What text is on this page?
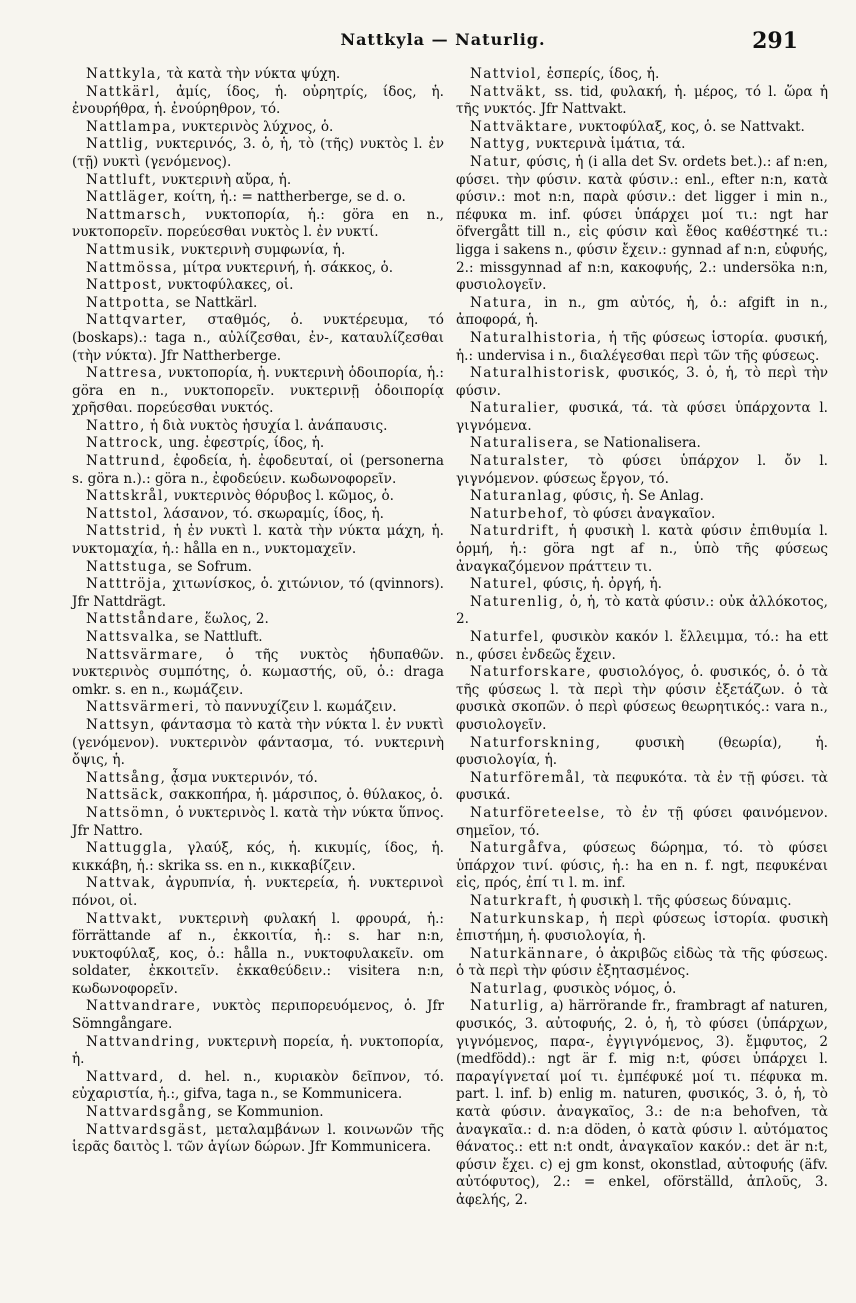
Nattkyla — Naturlig.	291

Nattkyla, τὰ κατὰ τὴν νύκτα ψύχη.

Nattkärl, ἀμίς, ίδος, ἡ. οὐρητρίς, ίδος, ἡ. ἐνουρήθρα, ἡ. ἐνούρηθρον, τό.

Nattlampa, νυκτερινὸς λύχνος, ὁ.

Nattlig, νυκτερινός, 3. ὁ, ἡ, τὸ (τῆς) νυκτὸς l. ἐν (τῇ) νυκτὶ (γενόμενος).

Nattluft, νυκτερινὴ αὔρα, ἡ.

Nattläger, κοίτη, ἡ.: = nattherberge, se d. o.

Nattmarsch, νυκτοπορία, ἡ.: göra en n., νυκτοπορεῖν. πορεύεσθαι νυκτὸς l. ἐν νυκτί.

Nattmusik, νυκτερινὴ συμφωνία, ἡ.

Nattmössa, μίτρα νυκτερινή, ἡ. σάκκος, ὁ.

Nattpost, νυκτοφύλακες, οἱ.

Nattpotta, se Nattkärl.

Nattqvarter, σταθμός, ὁ. νυκτέρευμα, τό (boskaps).: taga n., αὐλίζεσθαι, ἐν-, καταυλίζεσθαι (τὴν νύκτα). Jfr Nattherberge.

Nattresa, νυκτοπορία, ἡ. νυκτερινὴ ὁδοιπορία, ἡ.: göra en n., νυκτοπορεῖν. νυκτερινῇ ὁδοιπορίᾳ χρῆσθαι. πορεύεσθαι νυκτός.

Nattro, ἡ διὰ νυκτὸς ἡσυχία l. ἀνάπαυσις.

Nattrock, ung. ἐφεστρίς, ίδος, ἡ.

Nattrund, ἐφοδεία, ἡ. ἐφοδευταί, οἱ (personerna s. göra n.).: göra n., ἐφοδεύειν. κωδωνοφορεῖν.

Nattskrål, νυκτερινὸς θόρυβος l. κῶμος, ὁ.

Nattstol, λάσανον, τό. σκωραμίς, ίδος, ἡ.

Nattstrid, ἡ ἐν νυκτὶ l. κατὰ τὴν νύκτα μάχη, ἡ. νυκτομαχία, ἡ.: hålla en n., νυκτομαχεῖν.

Nattstuga, se Sofrum.

Natttröja, χιτωνίσκος, ὁ. χιτώνιον, τό (qvinnors). Jfr Nattdrägt.

Nattståndare, ἕωλος, 2.

Nattsvalka, se Nattluft.

Nattsvärmare, ὁ τῆς νυκτὸς ἡδυπαθῶν. νυκτερινὸς συμπότης, ὁ. κωμαστής, οῦ, ὁ.: draga omkr. s. en n., κωμάζειν.

Nattsvärmeri, τὸ παννυχίζειν l. κωμάζειν.

Nattsyn, φάντασμα τὸ κατὰ τὴν νύκτα l. ἐν νυκτὶ (γενόμενον). νυκτερινὸν φάντασμα, τό. νυκτερινὴ ὄψις, ἡ.

Nattsång, ᾆσμα νυκτερινόν, τό.

Nattsäck, σακκοπήρα, ἡ. μάρσιπος, ὁ. θύλακος, ὁ.

Nattsömn, ὁ νυκτερινὸς l. κατὰ τὴν νύκτα ὕπνος. Jfr Nattro.

Nattuggla, γλαύξ, κός, ἡ. κικυμίς, ίδος, ἡ. κικκάβη, ἡ.: skrika ss. en n., κικκαβίζειν.

Nattvak, ἀγρυπνία, ἡ. νυκτερεία, ἡ. νυκτερινοὶ πόνοι, οἱ.

Nattvakt, νυκτερινὴ φυλακή l. φρουρά, ἡ.: förrättande af n., ἐκκοιτία, ἡ.: s. har n:n, νυκτοφύλαξ, κος, ὁ.: hålla n., νυκτοφυλακεῖν. om soldater, ἐκκοιτεῖν. ἐκκαθεύδειν.: visitera n:n, κωδωνοφορεῖν.

Nattvandrare, νυκτὸς περιπορευόμενος, ὁ. Jfr Sömngångare.

Nattvandring, νυκτερινὴ πορεία, ἡ. νυκτοπορία, ἡ.

Nattvard, d. hel. n., κυριακὸν δεῖπνον, τό. εὐχαριστία, ἡ.:, gifva, taga n., se Kommunicera.

Nattvardsgång, se Kommunion.

Nattvardsgäst, μεταλαμβάνων l. κοινωνῶν τῆς ἱερᾶς δαιτὸς l. τῶν ἁγίων δώρων. Jfr Kommunicera.

Nattviol, ἑσπερίς, ίδος, ἡ.

Nattväkt, ss. tid, φυλακή, ἡ. μέρος, τό l. ὥρα ἡ τῆς νυκτός. Jfr Nattvakt.

Nattväktare, νυκτοφύλαξ, κος, ὁ. se Nattvakt.

Nattyg, νυκτερινὰ ἱμάτια, τά.

Natur, φύσις, ἡ (i alla det Sv. ordets bet.).: af n:en, φύσει. τὴν φύσιν. κατὰ φύσιν.: enl., efter n:n, κατὰ φύσιν.: mot n:n, παρὰ φύσιν.: det ligger i min n., πέφυκα m. inf. φύσει ὑπάρχει μοί τι.: ngt har öfvergått till n., εἰς φύσιν καὶ ἔθος καθέστηκέ τι.: ligga i sakens n., φύσιν ἔχειν.: gynnad af n:n, εὐφυής, 2.: missgynnad af n:n, κακοφυής, 2.: undersöka n:n, φυσιολογεῖν.

Natura, in n., gm αὐτός, ἡ, ὁ.: afgift in n., ἀποφορά, ἡ.

Naturalhistoria, ἡ τῆς φύσεως ἱστορία. φυσική, ἡ.: undervisa i n., διαλέγεσθαι περὶ τῶν τῆς φύσεως.

Naturalhistorisk, φυσικός, 3. ὁ, ἡ, τὸ περὶ τὴν φύσιν.

Naturalier, φυσικά, τά. τὰ φύσει ὑπάρχοντα l. γιγνόμενα.

Naturalisera, se Nationalisera.

Naturalster, τὸ φύσει ὑπάρχον l. ὄν l. γιγνόμενον. φύσεως ἔργον, τό.

Naturanlag, φύσις, ἡ. Se Anlag.

Naturbehof, τὸ φύσει ἀναγκαῖον.

Naturdrift, ἡ φυσικὴ l. κατὰ φύσιν ἐπιθυμία l. ὁρμή, ἡ.: göra ngt af n., ὑπὸ τῆς φύσεως ἀναγκαζόμενον πράττειν τι.

Naturel, φύσις, ἡ. ὀργή, ἡ.

Naturenlig, ὁ, ἡ, τὸ κατὰ φύσιν.: οὐκ ἀλλόκοτος, 2.

Naturfel, φυσικὸν κακόν l. ἔλλειμμα, τό.: ha ett n., φύσει ἐνδεῶς ἔχειν.

Naturforskare, φυσιολόγος, ὁ. φυσικός, ὁ. ὁ τὰ τῆς φύσεως l. τὰ περὶ τὴν φύσιν ἐξετάζων. ὁ τὰ φυσικὰ σκοπῶν. ὁ περὶ φύσεως θεωρητικός.: vara n., φυσιολογεῖν.

Naturforskning, φυσικὴ (θεωρία), ἡ. φυσιολογία, ἡ.

Naturföremål, τὰ πεφυκότα. τὰ ἐν τῇ φύσει. τὰ φυσικά.

Naturföreteelse, τὸ ἐν τῇ φύσει φαινόμενον. σημεῖον, τό.

Naturgåfva, φύσεως δώρημα, τό. τὸ φύσει ὑπάρχον τινί. φύσις, ἡ.: ha en n. f. ngt, πεφυκέναι εἰς, πρός, ἐπί τι l. m. inf.

Naturkraft, ἡ φυσικὴ l. τῆς φύσεως δύναμις.

Naturkunskap, ἡ περὶ φύσεως ἱστορία. φυσικὴ ἐπιστήμη, ἡ. φυσιολογία, ἡ.

Naturkännare, ὁ ἀκριβῶς εἰδὼς τὰ τῆς φύσεως. ὁ τὰ περὶ τὴν φύσιν ἐξητασμένος.

Naturlag, φυσικὸς νόμος, ὁ.

Naturlig, a) härrörande fr., frambragt af naturen, φυσικός, 3. αὐτοφυής, 2. ὁ, ἡ, τὸ φύσει (ὑπάρχων, γιγνόμενος, παρα-, ἐγγιγνόμενος, 3). ἔμφυτος, 2 (medfödd).: ngt är f. mig n:t, φύσει ὑπάρχει l. παραγίγνεταί μοί τι. ἐμπέφυκέ μοί τι. πέφυκα m. part. l. inf. b) enlig m. naturen, φυσικός, 3. ὁ, ἡ, τὸ κατὰ φύσιν. ἀναγκαῖος, 3.: de n:a behofven, τὰ ἀναγκαῖα.: d. n:a döden, ὁ κατὰ φύσιν l. αὐτόματος θάνατος.: ett n:t ondt, ἀναγκαῖον κακόν.: det är n:t, φύσιν ἔχει. c) ej gm konst, okonstlad, αὐτοφυής (äfv. αὐτόφυτος), 2.: = enkel, oförställd, ἁπλοῦς, 3. ἀφελής, 2.
